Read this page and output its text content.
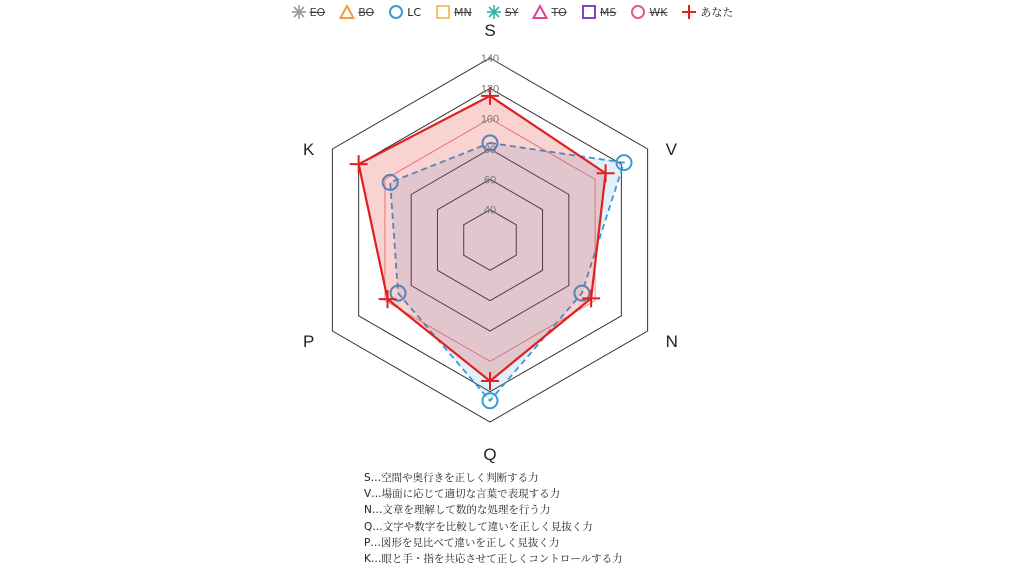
EO	BO	LC	MN	SY	TO	MS	WK	あなた
40
60
80
100
120
140
S
V
N
Q
P
K
S…空間や奥行きを正しく判断する力
V…場面に応じて適切な言葉で表現する力
N…文章を理解して数的な処理を行う力
Q…文字や数字を比較して違いを正しく見抜く力
P…図形を見比べて違いを正しく見抜く力
K…眼と手・指を共応させて正しくコントロールする力
